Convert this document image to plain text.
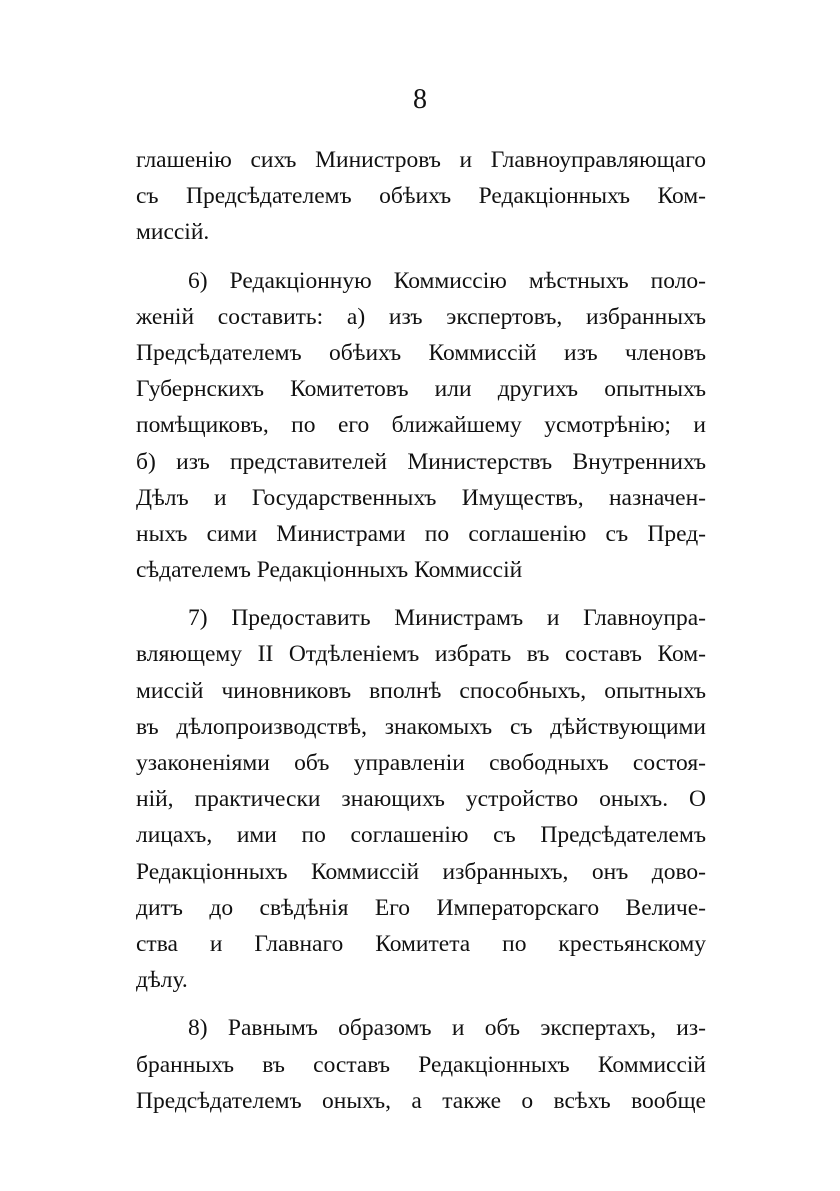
8
глашенію сихъ Министровъ и Главноуправляющаго
съ Предсѣдателемъ обѣихъ Редакціонныхъ Ком-
миссій.
6) Редакціонную Коммиссію мѣстныхъ поло-
женій составить: а) изъ экспертовъ, избранныхъ
Предсѣдателемъ обѣихъ Коммиссій изъ членовъ
Губернскихъ Комитетовъ или другихъ опытныхъ
помѣщиковъ, по его ближайшему усмотрѣнію; и
б) изъ представителей Министерствъ Внутреннихъ
Дѣлъ и Государственныхъ Имуществъ, назначен-
ныхъ сими Министрами по соглашенію съ Пред-
сѣдателемъ Редакціонныхъ Коммиссій
7) Предоставить Министрамъ и Главноупра-
вляющему II Отдѣленіемъ избрать въ составъ Ком-
миссій чиновниковъ вполнѣ способныхъ, опытныхъ
въ дѣлопроизводствѣ, знакомыхъ съ дѣйствующими
узаконеніями объ управленіи свободныхъ состоя-
ній, практически знающихъ устройство оныхъ. О
лицахъ, ими по соглашенію съ Предсѣдателемъ
Редакціонныхъ Коммиссій избранныхъ, онъ дово-
дитъ до свѣдѣнія Его Императорскаго Величе-
ства и Главнаго Комитета по крестьянскому
дѣлу.
8) Равнымъ образомъ и объ экспертахъ, из-
бранныхъ въ составъ Редакціонныхъ Коммиссій
Предсѣдателемъ оныхъ, а также о всѣхъ вообще
